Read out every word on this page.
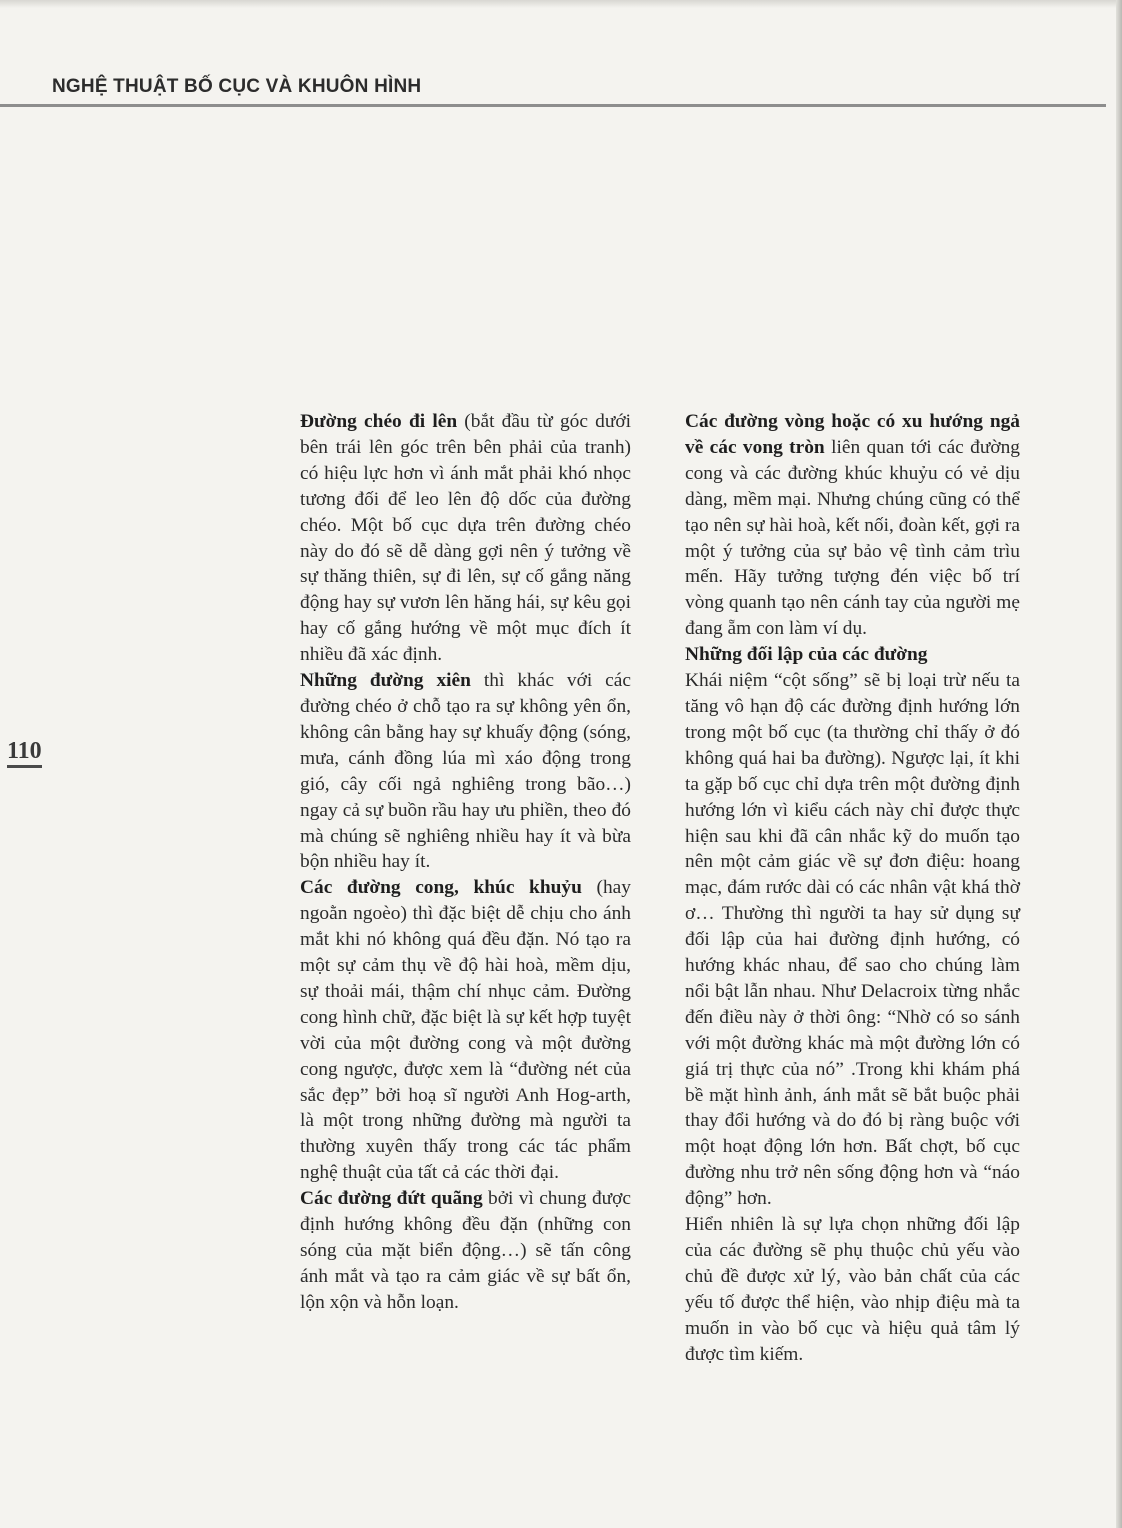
NGHỆ THUẬT BỐ CỤC VÀ KHUÔN HÌNH
110

Đường chéo đi lên (bắt đầu từ góc dưới bên trái lên góc trên bên phải của tranh) có hiệu lực hơn vì ánh mắt phải khó nhọc tương đối để leo lên độ dốc của đường chéo. Một bố cục dựa trên đường chéo này do đó sẽ dễ dàng gợi nên ý tưởng về sự thăng thiên, sự đi lên, sự cố gắng năng động hay sự vươn lên hăng hái, sự kêu gọi hay cố gắng hướng về một mục đích ít nhiều đã xác định.

Những đường xiên thì khác với các đường chéo ở chỗ tạo ra sự không yên ổn, không cân bằng hay sự khuấy động (sóng, mưa, cánh đồng lúa mì xáo động trong gió, cây cối ngả nghiêng trong bão…) ngay cả sự buồn rầu hay ưu phiền, theo đó mà chúng sẽ nghiêng nhiều hay ít và bừa bộn nhiều hay ít.

Các đường cong, khúc khuỷu (hay ngoằn ngoèo) thì đặc biệt dễ chịu cho ánh mắt khi nó không quá đều đặn. Nó tạo ra một sự cảm thụ về độ hài hoà, mềm dịu, sự thoải mái, thậm chí nhục cảm. Đường cong hình chữ, đặc biệt là sự kết hợp tuyệt vời của một đường cong và một đường cong ngược, được xem là “đường nét của sắc đẹp” bởi hoạ sĩ người Anh Hog-arth, là một trong những đường mà người ta thường xuyên thấy trong các tác phẩm nghệ thuật của tất cả các thời đại.

Các đường đứt quãng bởi vì chung được định hướng không đều đặn (những con sóng của mặt biển động…) sẽ tấn công ánh mắt và tạo ra cảm giác về sự bất ổn, lộn xộn và hỗn loạn.

Các đường vòng hoặc có xu hướng ngả về các vong tròn liên quan tới các đường cong và các đường khúc khuỷu có vẻ dịu dàng, mềm mại. Nhưng chúng cũng có thể tạo nên sự hài hoà, kết nối, đoàn kết, gợi ra một ý tưởng của sự bảo vệ tình cảm trìu mến. Hãy tưởng tượng đén việc bố trí vòng quanh tạo nên cánh tay của người mẹ đang ẵm con làm ví dụ.

Những đối lập của các đường

Khái niệm “cột sống” sẽ bị loại trừ nếu ta tăng vô hạn độ các đường định hướng lớn trong một bố cục (ta thường chỉ thấy ở đó không quá hai ba đường). Ngược lại, ít khi ta gặp bố cục chỉ dựa trên một đường định hướng lớn vì kiểu cách này chỉ được thực hiện sau khi đã cân nhắc kỹ do muốn tạo nên một cảm giác về sự đơn điệu: hoang mạc, đám rước dài có các nhân vật khá thờ ơ… Thường thì người ta hay sử dụng sự đối lập của hai đường định hướng, có hướng khác nhau, để sao cho chúng làm nổi bật lẫn nhau. Như Delacroix từng nhắc đến điều này ở thời ông: “Nhờ có so sánh với một đường khác mà một đường lớn có giá trị thực của nó” .Trong khi khám phá bề mặt hình ảnh, ánh mắt sẽ bắt buộc phải thay đổi hướng và do đó bị ràng buộc với một hoạt động lớn hơn. Bất chợt, bố cục đường nhu trở nên sống động hơn và “náo động” hơn.

Hiển nhiên là sự lựa chọn những đối lập của các đường sẽ phụ thuộc chủ yếu vào chủ đề được xử lý, vào bản chất của các yếu tố được thể hiện, vào nhịp điệu mà ta muốn in vào bố cục và hiệu quả tâm lý được tìm kiếm.
